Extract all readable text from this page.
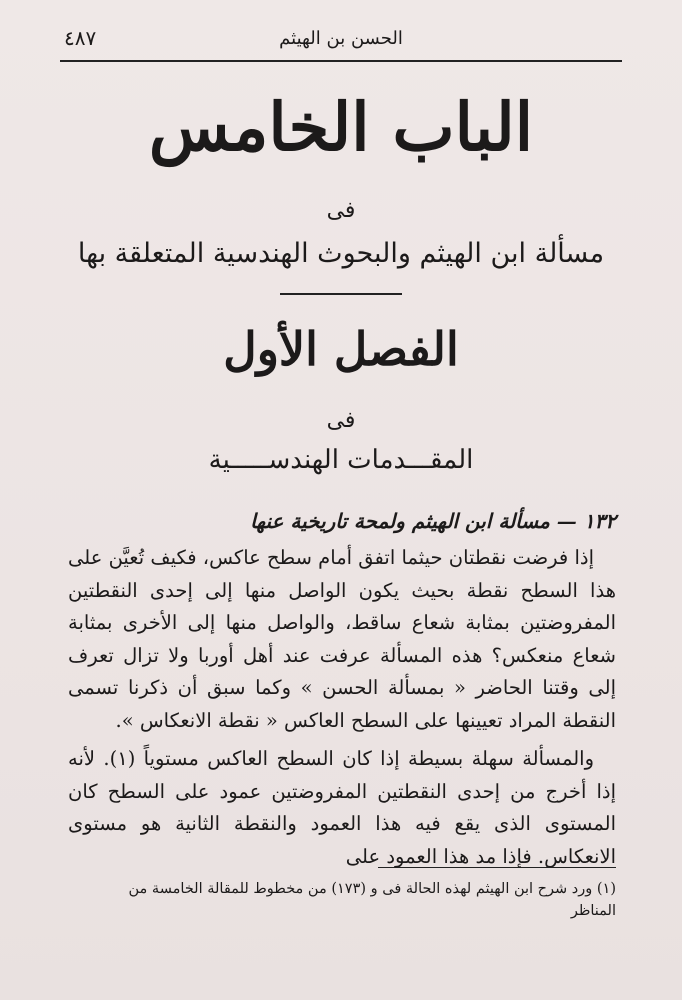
الحسن بن الهيثم
٤٨٧
الباب الخامس
فى
مسألة ابن الهيثم والبحوث الهندسية المتعلقة بها
الفصل الأول
فى
المقـــدمات الهندســـــية

١٣٢ — مسألة ابن الهيثم ولمحة تاريخية عنها

إذا فرضت نقطتان حيثما اتفق أمام سطح عاكس، فكيف تُعيَّن على هذا السطح نقطة بحيث يكون الواصل منها إلى إحدى النقطتين المفروضتين بمثابة شعاع ساقط، والواصل منها إلى الأخرى بمثابة شعاع منعكس؟ هذه المسألة عرفت عند أهل أوربا ولا تزال تعرف إلى وقتنا الحاضر « بمسألة الحسن » وكما سبق أن ذكرنا تسمى النقطة المراد تعيينها على السطح العاكس « نقطة الانعكاس ».

والمسألة سهلة بسيطة إذا كان السطح العاكس مستوياً (١). لأنه إذا أخرج من إحدى النقطتين المفروضتين عمود على السطح كان المستوى الذى يقع فيه هذا العمود والنقطة الثانية هو مستوى الانعكاس. فإذا مد هذا العمود على

(١) ورد شرح ابن الهيثم لهذه الحالة فى و (١٧٣) من مخطوط للمقالة الخامسة من المناظر
